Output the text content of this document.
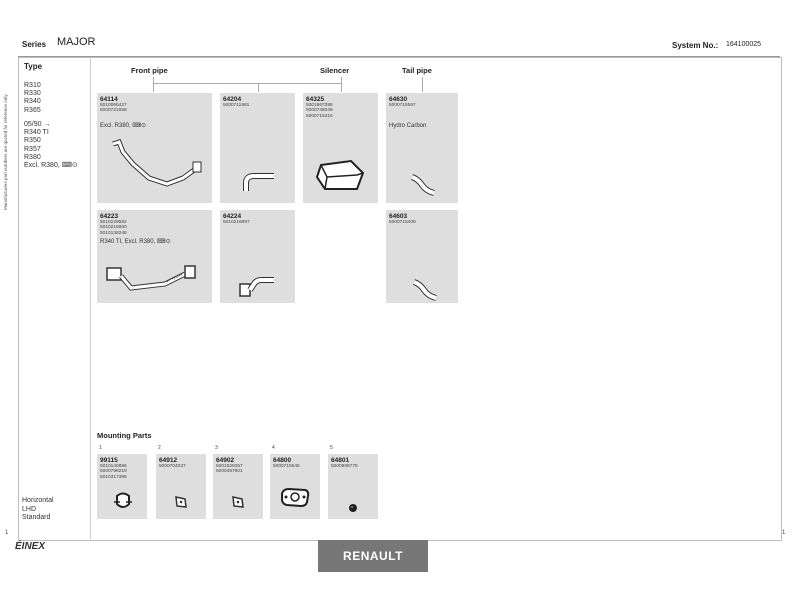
Series MAJOR	System No.: 164100025
Type
R310
R330
R340
R365
05/90 →
R340 TI
R350
R357
R380
Excl. R380, ⌨⊙
Manufacturers part numbers are quoted for reference only
Horizontal
LHD
Standard
Front pipe	Silencer	Tail pipe
64114
5010065427
5000721658
Excl. R380, ⌨⊙
64204
5000711981
64325
5001867398
5000748049
5000715416
64630
5000715567
Hydro Carbon
64223
5010229582
5010216860
5010138248
R340 TI, Excl. R380, ⌨⊙
64224
5010216897
64603
5000715409
Mounting Parts
1
99115
5010140896
5000798219
5010317399
2
64912
5000704037
3
64902
5001829357
5000487901
4
64800
5000715545
5
64801
5000988778
ÉINEX
RENAULT
1
1
